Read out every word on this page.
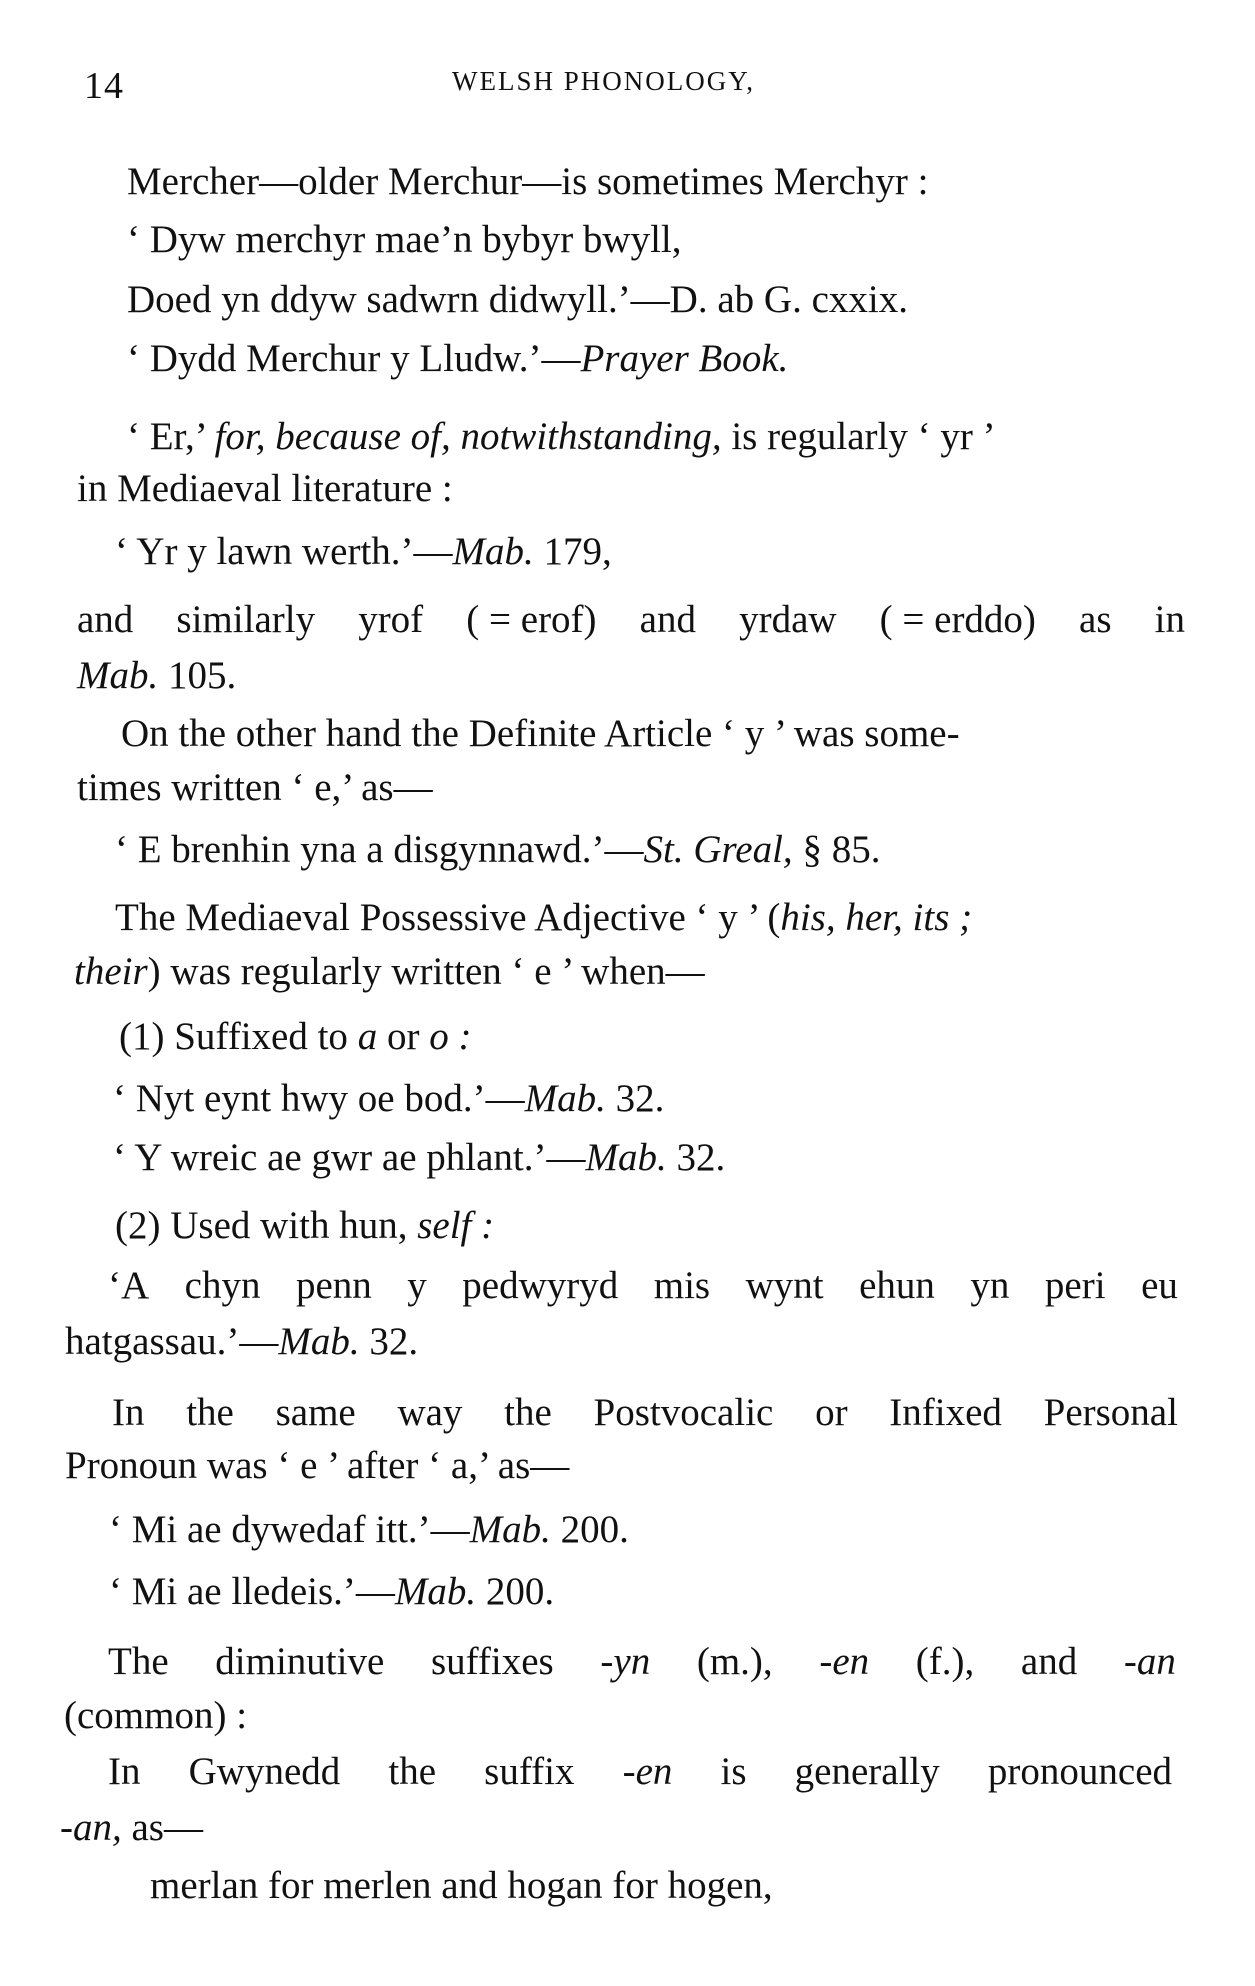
14	WELSH PHONOLOGY,
Mercher—older Merchur—is sometimes Merchyr :
‘ Dyw merchyr mae’n bybyr bwyll,
Doed yn ddyw sadwrn didwyll.’—D. ab G. cxxix.
‘ Dydd Merchur y Lludw.’—Prayer Book.
‘ Er,’ for, because of, notwithstanding, is regularly ‘ yr ’
in Mediaeval literature :
‘ Yr y lawn werth.’—Mab. 179,
and similarly yrof ( = erof) and yrdaw ( = erddo) as in
Mab. 105.
On the other hand the Definite Article ‘ y ’ was some-
times written ‘ e,’ as—
‘ E brenhin yna a disgynnawd.’—St. Greal, § 85.
The Mediaeval Possessive Adjective ‘ y ’ (his, her, its ;
their) was regularly written ‘ e ’ when—
(1) Suffixed to a or o :
‘ Nyt eynt hwy oe bod.’—Mab. 32.
‘ Y wreic ae gwr ae phlant.’—Mab. 32.
(2) Used with hun, self :
‘A chyn penn y pedwyryd mis wynt ehun yn peri eu
hatgassau.’—Mab. 32.
In the same way the Postvocalic or Infixed Personal
Pronoun was ‘ e ’ after ‘ a,’ as—
‘ Mi ae dywedaf itt.’—Mab. 200.
‘ Mi ae lledeis.’—Mab. 200.
The diminutive suffixes -yn (m.), -en (f.), and -an
(common) :
In Gwynedd the suffix -en is generally pronounced
-an, as—
merlan for merlen and hogan for hogen,
